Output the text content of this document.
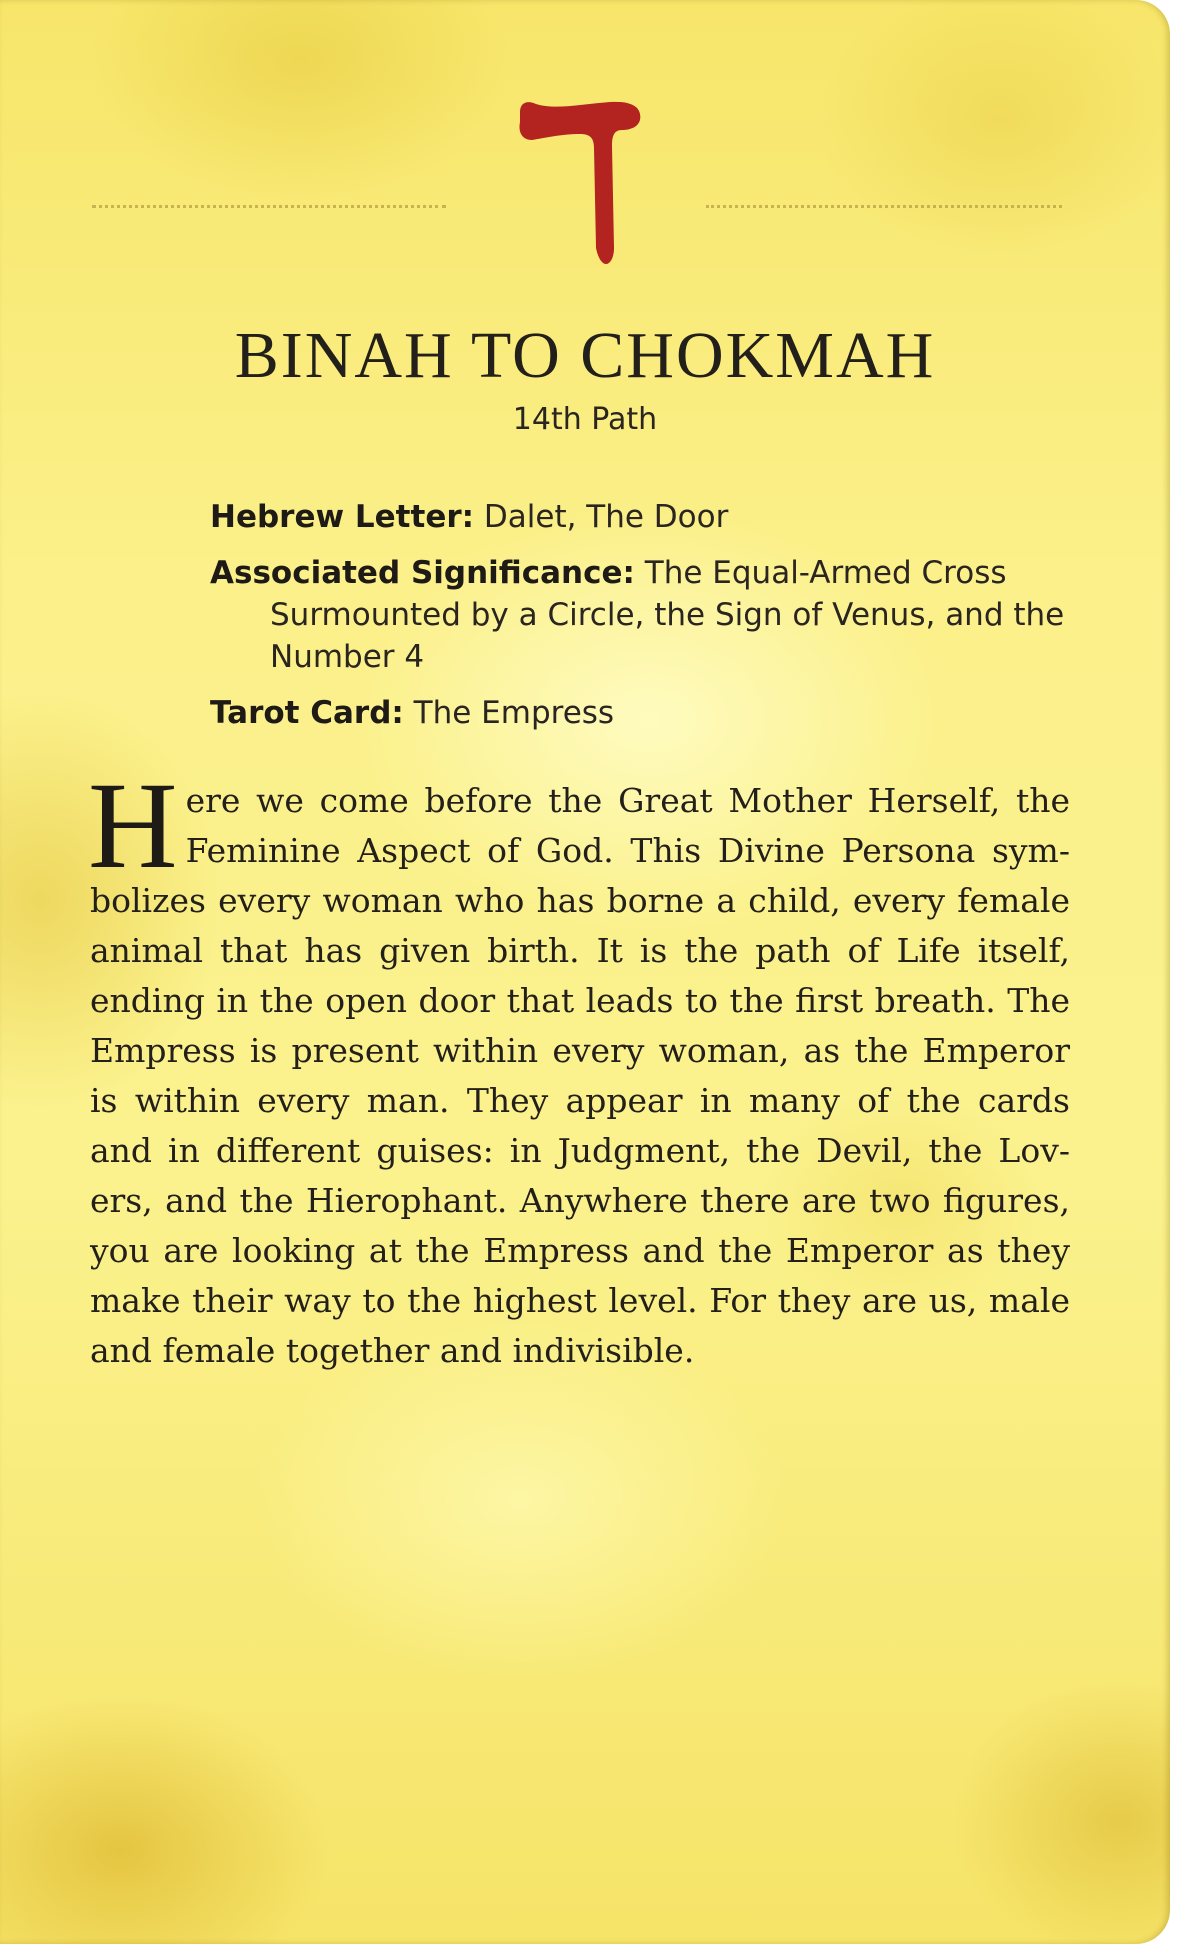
BINAH TO CHOKMAH
14th Path

Hebrew Letter: Dalet, The Door

Associated Significance: The Equal-Armed Cross Surmounted by a Circle, the Sign of Venus, and the Number 4

Tarot Card: The Empress

Here we come before the Great Mother Herself, the Feminine Aspect of God. This Divine Persona sym-bolizes every woman who has borne a child, every female animal that has given birth. It is the path of Life itself, ending in the open door that leads to the first breath. The Empress is present within every woman, as the Emperor is within every man. They appear in many of the cards and in different guises: in Judgment, the Devil, the Lov-ers, and the Hierophant. Anywhere there are two figures, you are looking at the Empress and the Emperor as they make their way to the highest level. For they are us, male and female together and indivisible.
